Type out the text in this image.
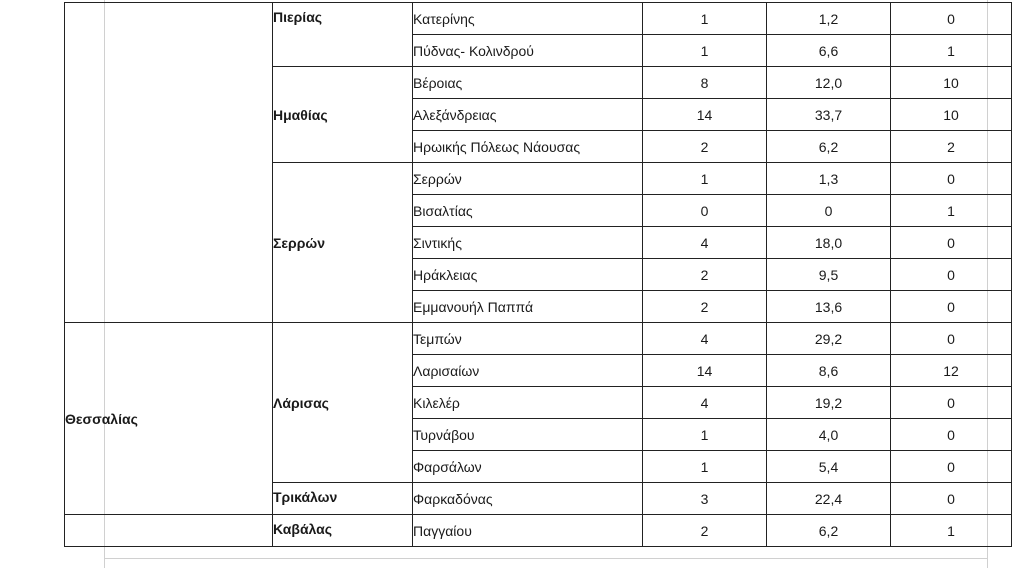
	Πιερίας	Κατερίνης	1	1,2	0
		Πύδνας- Κολινδρού	1	6,6	1
	Ημαθίας	Βέροιας	8	12,0	10
		Αλεξάνδρειας	14	33,7	10
		Ηρωικής Πόλεως Νάουσας	2	6,2	2
	Σερρών	Σερρών	1	1,3	0
		Βισαλτίας	0	0	1
		Σιντικής	4	18,0	0
		Ηράκλειας	2	9,5	0
		Εμμανουήλ Παππά	2	13,6	0
Θεσσαλίας	Λάρισας	Τεμπών	4	29,2	0
		Λαρισαίων	14	8,6	12
		Κιλελέρ	4	19,2	0
		Τυρνάβου	1	4,0	0
		Φαρσάλων	1	5,4	0
	Τρικάλων	Φαρκαδόνας	3	22,4	0
	Καβάλας	Παγγαίου	2	6,2	1
